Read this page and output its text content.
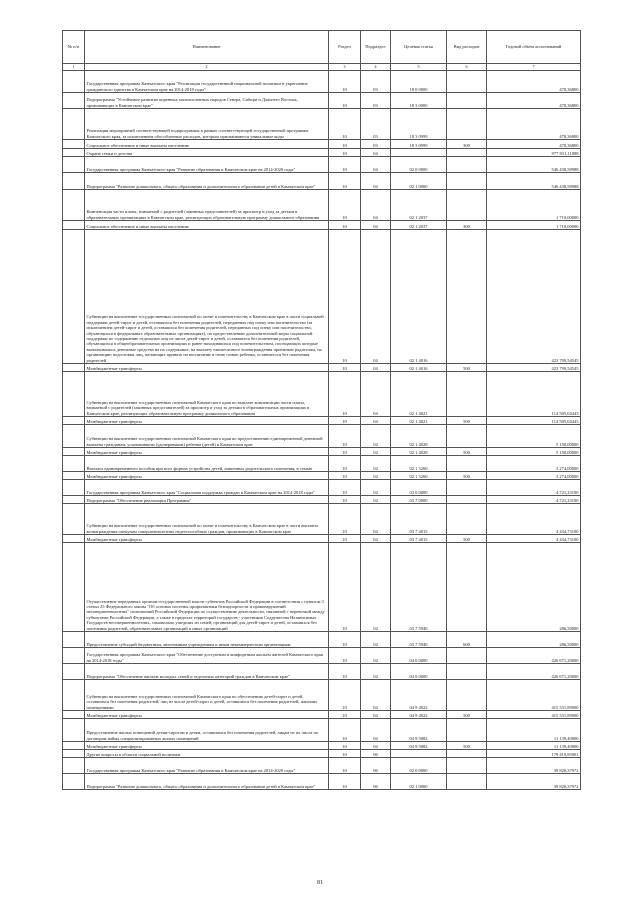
№ п/п	Наименование	Раздел	Подраздел	Целевая статья	Вид расходов	Годовой объем ассигнований
1	2	3	4	5	6	7
	Государственная программа Камчатского края "Реализация государственной национальной политики и укрепление гражданского единства в Камчатском крае на 2014-2018 годы"	10	03	18 0 0000		478,36800
	Подпрограмма "Устойчивое развитие коренных малочисленных народов Севера, Сибири и Дальнего Востока, проживающих в Камчатском крае"	10	03	18 3 0000		478,36800
	Реализация мероприятий соответствующей подпрограммы в рамках соответствующей государственной программы Камчатского края, за исключением обособленных расходов, которым присваиваются уникальные коды	10	03	18 3 0999		478,36800
	Социальное обеспечение и иные выплаты населению	10	03	18 3 0999	300	478,36800
	Охрана семьи и детства	10	04			977 831,11088
	Государственная программа Камчатского края "Развитие образования в Камчатском крае на 2014-2020 годы"	10	04	02 0 0000		546 438,58988
	Подпрограмма "Развитие дошкольного, общего образования и дополнительного образования детей в Камчатском крае"	10	04	02 1 0000		546 438,58988
	Компенсация части платы, взимаемой с родителей (законных представителей) за присмотр и уход за детьми в образовательных организациях в Камчатском крае, реализующих образовательную программу дошкольного образования	10	04	02 1 2037		1 710,00000
	Социальное обеспечение и иные выплаты населению	10	04	02 1 2037	300	1 710,00000
	Субвенции на выполнение государственных полномочий по опеке и попечительству в Камчатском крае в части социальной поддержки детей-сирот и детей, оставшихся без попечения родителей, переданных под опеку или попечительство (за исключением детей-сирот и детей, оставшихся без попечения родителей, переданных под опеку или попечительство, обучающихся в федеральных образовательных организациях), по предоставлению дополнительной меры социальной поддержки по содержанию отдельных лиц из числа детей-сирот и детей, оставшихся без попечения родителей, обучающихся в общеобразовательных организациях и ранее находившихся под попечительством, посещающих которые выплачивались денежные средства на их содержание, на выплату ежемесячного вознаграждения приемным родителям, на организацию подготовки лиц, желающих принять на воспитание в свою семью ребенка, оставшегося без попечения родителей	10	04	02 1 4016		423 799,54545
	Межбюджетные трансферты	10	04	02 1 4016	500	423 799,54545
	Субвенции на выполнение государственных полномочий Камчатского края по выплате компенсации части платы, взимаемой с родителей (законных представителей) за присмотр и уход за детьми в образовательных организациях в Камчатском крае, реализующих образовательную программу дошкольного образования	10	04	02 1 4021		112 505,04443
	Межбюджетные трансферты	10	04	02 1 4021	500	112 505,04443
	Субвенции на выполнение государственных полномочий Камчатского края по предоставлению единовременной денежной выплаты гражданам, усыновившим (удочерившим) ребенка (детей) в Камчатском крае	10	04	02 1 4028		5 150,00000
	Межбюджетные трансферты	10	04	02 1 4028	500	5 150,00000
	Выплата единовременного пособия при всех формах устройства детей, лишенных родительского попечения, в семью	10	04	02 1 5260		3 274,00000
	Межбюджетные трансферты	10	04	02 1 5260	500	3 274,00000
	Государственная программа Камчатского края "Социальная поддержка граждан в Камчатском крае на 2014-2018 годы"	10	04	03 0 0000		4 721,23100
	Подпрограмма "Обеспечение реализации Программы"	10	04	03 7 0000		4 721,23100
	Субвенции на выполнение государственных полномочий по опеке и попечительству в Камчатском крае в части выплаты вознаграждения опекунам совершеннолетних недееспособных граждан, проживающих в Камчатском крае	10	04	03 7 4015		4 434,73100
	Межбюджетные трансферты	10	04	03 7 4015	500	4 434,73100
	Осуществление переданных органам государственной власти субъектов Российской Федерации в соответствии с пунктом 3 статьи 25 Федерального закона "Об основах системы профилактики безнадзорности и правонарушений несовершеннолетних" полномочий Российской Федерации по осуществлению деятельности, связанной с перевозкой между субъектами Российской Федерации, а также в пределах территорий государств - участников Содружества Независимых Государств несовершеннолетних, самовольно ушедших из семей, организаций для детей-сирот и детей, оставшихся без попечения родителей, образовательных организаций и иных организаций	10	04	03 7 5940		286,50000
	Предоставление субсидий бюджетным, автономным учреждениям и иным некоммерческим организациям	10	04	03 7 5940	600	286,50000
	Государственная программа Камчатского края "Обеспечение доступным и комфортным жильем жителей Камчатского края на 2014-2018 годы"	10	04	04 0 0000		426 671,29000
	Подпрограмма "Обеспечение жильем молодых семей и отдельных категорий граждан в Камчатском крае"	10	04	04 9 0000		426 671,29000
	Субвенции на выполнение государственных полномочий Камчатского края по обеспечению детей-сирот и детей, оставшихся без попечения родителей, лиц из числа детей-сирот и детей, оставшихся без попечения родителей, жилыми помещениями	10	04	04 9 4022		415 531,89000
	Межбюджетные трансферты	10	04	04 9 4022	500	415 531,89000
	Предоставление жилых помещений детям-сиротам и детям, оставшимся без попечения родителей, лицам из их числа по договорам найма специализированных жилых помещений	10	04	04 9 5082		11 139,40000
	Межбюджетные трансферты	10	04	04 9 5082	500	11 139,40000
	Другие вопросы в области социальной политики	10	06			179 419,85001
	Государственная программа Камчатского края "Развитие образования в Камчатском крае на 2014-2020 годы"	10	06	02 0 0000		39 820,37972
	Подпрограмма "Развитие дошкольного, общего образования и дополнительного образования детей в Камчатском крае"	10	06	02 1 0000		39 820,37972
81
